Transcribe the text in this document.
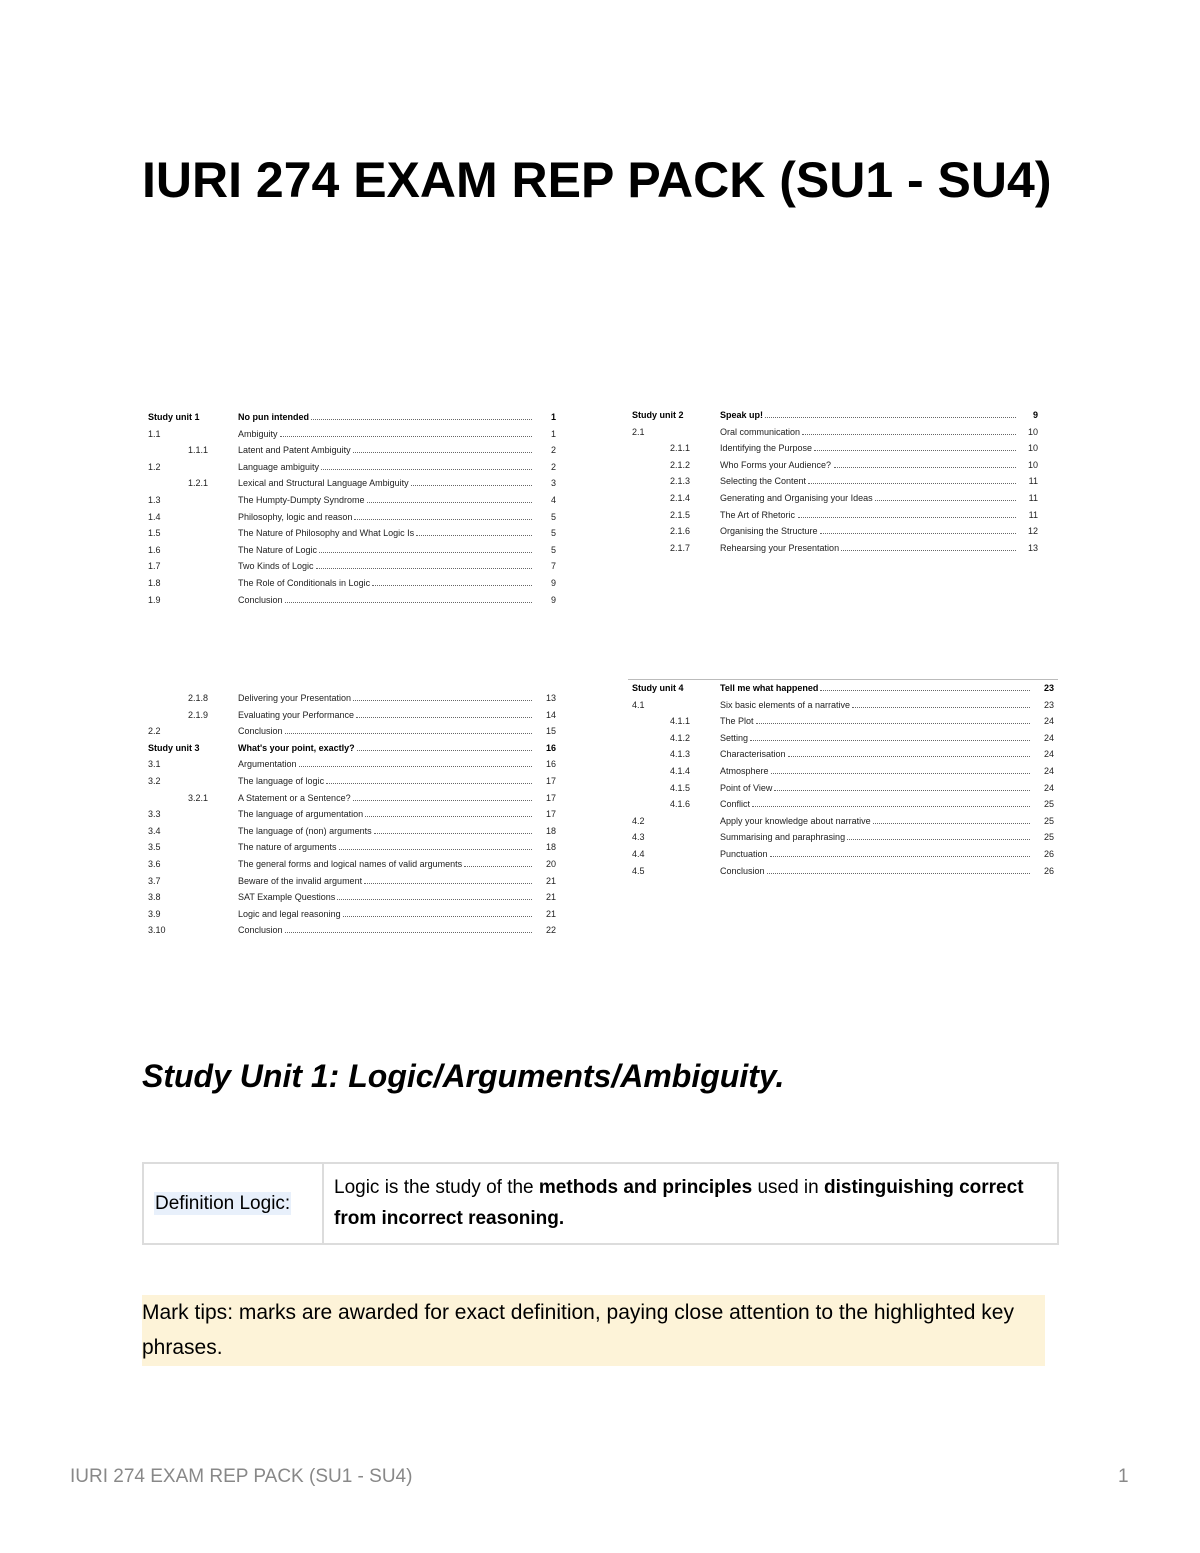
IURI 274 EXAM REP PACK (SU1 - SU4)
Study unit 1	No pun intended	1
1.1	Ambiguity	1
1.1.1	Latent and Patent Ambiguity	2
1.2	Language ambiguity	2
1.2.1	Lexical and Structural Language Ambiguity	3
1.3	The Humpty-Dumpty Syndrome	4
1.4	Philosophy, logic and reason	5
1.5	The Nature of Philosophy and What Logic Is	5
1.6	The Nature of Logic	5
1.7	Two Kinds of Logic	7
1.8	The Role of Conditionals in Logic	9
1.9	Conclusion	9
Study unit 2	Speak up!	9
2.1	Oral communication	10
2.1.1	Identifying the Purpose	10
2.1.2	Who Forms your Audience?	10
2.1.3	Selecting the Content	11
2.1.4	Generating and Organising your Ideas	11
2.1.5	The Art of Rhetoric	11
2.1.6	Organising the Structure	12
2.1.7	Rehearsing your Presentation	13
2.1.8	Delivering your Presentation	13
2.1.9	Evaluating your Performance	14
2.2	Conclusion	15
Study unit 3	What's your point, exactly?	16
3.1	Argumentation	16
3.2	The language of logic	17
3.2.1	A Statement or a Sentence?	17
3.3	The language of argumentation	17
3.4	The language of (non) arguments	18
3.5	The nature of arguments	18
3.6	The general forms and logical names of valid arguments	20
3.7	Beware of the invalid argument	21
3.8	SAT Example Questions	21
3.9	Logic and legal reasoning	21
3.10	Conclusion	22
Study unit 4	Tell me what happened	23
4.1	Six basic elements of a narrative	23
4.1.1	The Plot	24
4.1.2	Setting	24
4.1.3	Characterisation	24
4.1.4	Atmosphere	24
4.1.5	Point of View	24
4.1.6	Conflict	25
4.2	Apply your knowledge about narrative	25
4.3	Summarising and paraphrasing	25
4.4	Punctuation	26
4.5	Conclusion	26
Study Unit 1: Logic/Arguments/Ambiguity.
Definition Logic:	Logic is the study of the methods and principles used in distinguishing correct from incorrect reasoning.
Mark tips: marks are awarded for exact definition, paying close attention to the highlighted key phrases.
IURI 274 EXAM REP PACK (SU1 - SU4)	1
